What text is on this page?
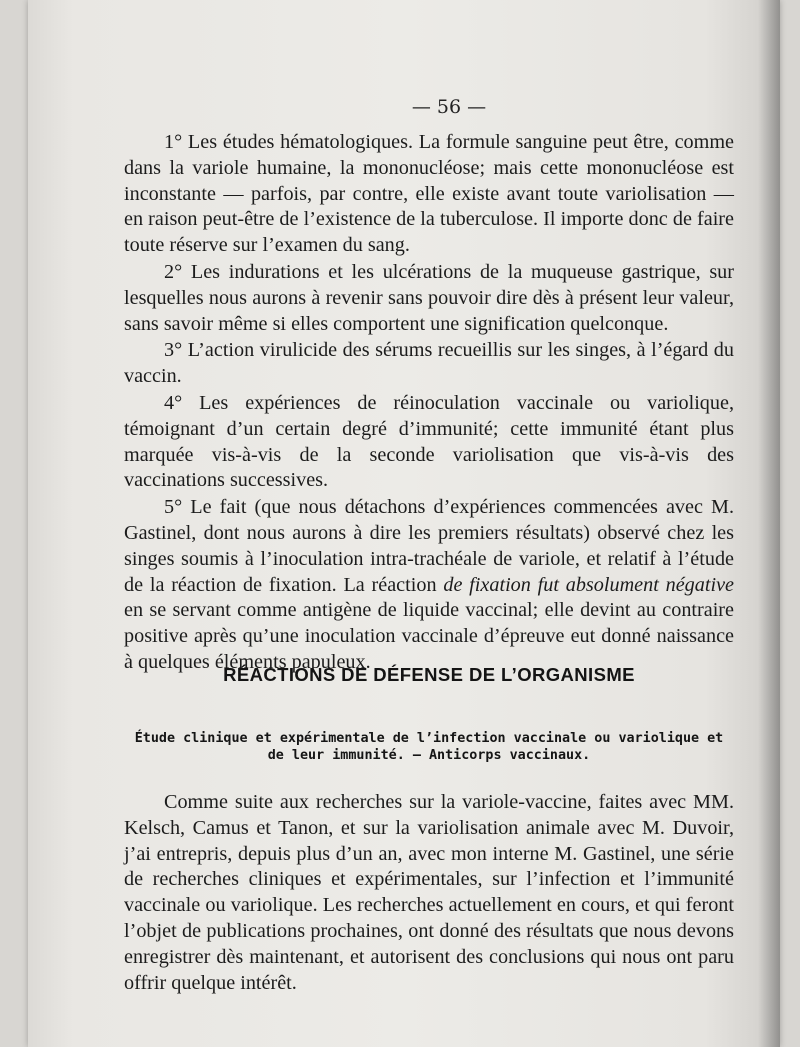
— 56 —

1° Les études hématologiques. La formule sanguine peut être, comme dans la variole humaine, la mononucléose; mais cette mononucléose est inconstante — parfois, par contre, elle existe avant toute variolisation — en raison peut-être de l’existence de la tuberculose. Il importe donc de faire toute réserve sur l’examen du sang.

2° Les indurations et les ulcérations de la muqueuse gastrique, sur lesquelles nous aurons à revenir sans pouvoir dire dès à présent leur valeur, sans savoir même si elles comportent une signification quelconque.

3° L’action virulicide des sérums recueillis sur les singes, à l’égard du vaccin.

4° Les expériences de réinoculation vaccinale ou variolique, témoignant d’un certain degré d’immunité; cette immunité étant plus marquée vis-à-vis de la seconde variolisation que vis-à-vis des vaccinations successives.

5° Le fait (que nous détachons d’expériences commencées avec M. Gastinel, dont nous aurons à dire les premiers résultats) observé chez les singes soumis à l’inoculation intra-trachéale de variole, et relatif à l’étude de la réaction de fixation. La réaction de fixation fut absolument négative en se servant comme antigène de liquide vaccinal; elle devint au contraire positive après qu’une inoculation vaccinale d’épreuve eut donné naissance à quelques éléments papuleux.

RÉACTIONS DE DÉFENSE DE L’ORGANISME
Étude clinique et expérimentale de l’infection vaccinale ou variolique et de leur immunité. — Anticorps vaccinaux.
Comme suite aux recherches sur la variole-vaccine, faites avec MM. Kelsch, Camus et Tanon, et sur la variolisation animale avec M. Duvoir, j’ai entrepris, depuis plus d’un an, avec mon interne M. Gastinel, une série de recherches cliniques et expérimentales, sur l’infection et l’immunité vaccinale ou variolique. Les recherches actuellement en cours, et qui feront l’objet de publications prochaines, ont donné des résultats que nous devons enregistrer dès maintenant, et autorisent des conclusions qui nous ont paru offrir quelque intérêt.
